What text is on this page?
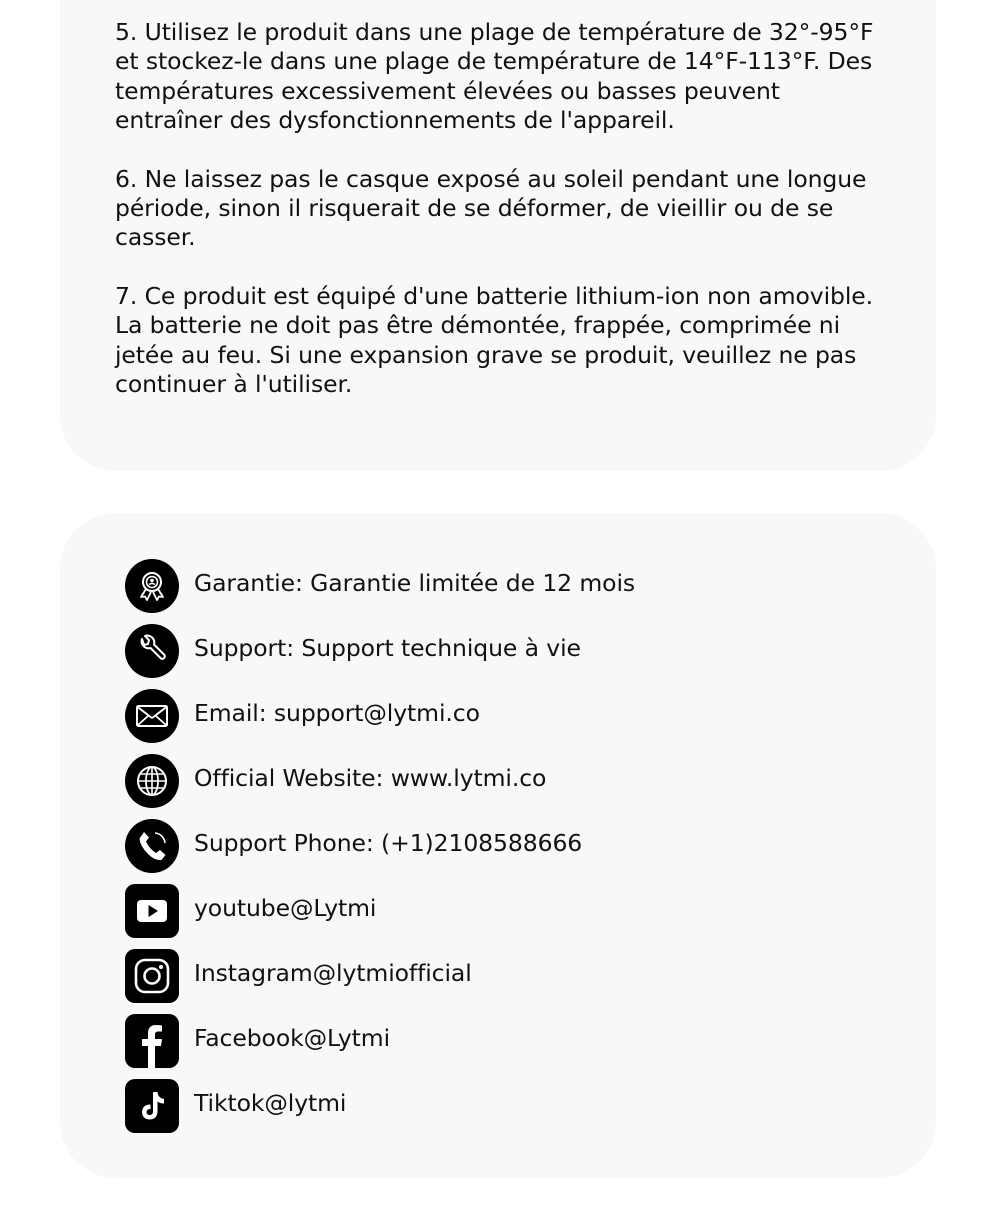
5. Utilisez le produit dans une plage de température de 32°-95°F et stockez-le dans une plage de température de 14°F-113°F. Des températures excessivement élevées ou basses peuvent entraîner des dysfonctionnements de l'appareil.

6. Ne laissez pas le casque exposé au soleil pendant une longue période, sinon il risquerait de se déformer, de vieillir ou de se casser.

7. Ce produit est équipé d'une batterie lithium-ion non amovible. La batterie ne doit pas être démontée, frappée, comprimée ni jetée au feu. Si une expansion grave se produit, veuillez ne pas continuer à l'utiliser.

Garantie: Garantie limitée de 12 mois
Support: Support technique à vie
Email: support@lytmi.co
Official Website: www.lytmi.co
Support Phone: (+1)2108588666
youtube@Lytmi
Instagram@lytmiofficial
Facebook@Lytmi
Tiktok@lytmi
